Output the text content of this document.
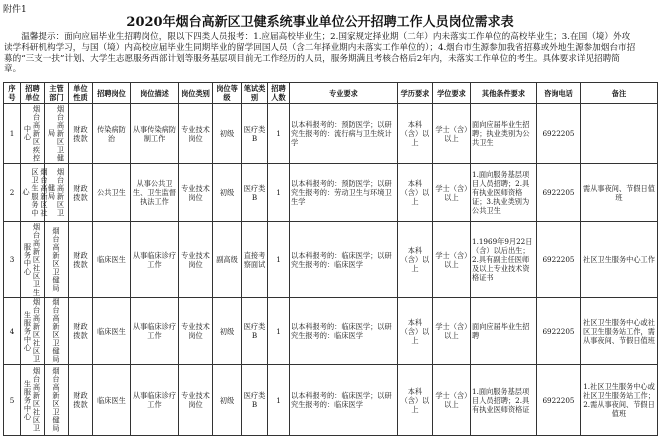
附件1
2020年烟台高新区卫健系统事业单位公开招聘工作人员岗位需求表
温馨提示：面向应届毕业生招聘岗位，限以下四类人员报考：1.应届高校毕业生；2.国家规定择业期（二年）内未落实工作单位的高校毕业生；3.在国（境）外攻读学科研机构学习，与国（境）内高校应届毕业生同期毕业的留学回国人员（含二年择业期内未落实工作单位的）；4.烟台市生源参加我省招募或外地生源参加烟台市招募的“三支一扶”计划、大学生志愿服务西部计划等服务基层项目前无工作经历的人员，服务期满且考核合格后2年内，未落实工作单位的考生。具体要求详见招聘简章。
序号	招聘单位	主管部门	单位性质	招聘岗位	岗位描述	岗位类别	岗位等级	笔试类别	招聘人数	专业要求	学历要求	学位要求	其他条件要求	咨询电话	备注
1	烟台高新区疾控中心	烟台高新区卫健局	财政拨款	传染病防治	从事传染病防制工作	专业技术岗位	初级	医疗类B	1	以本科报考的：预防医学；以研究生报考的：流行病与卫生统计学	本科（含）以上	学士（含）以上	面向应届毕业生招聘；执业类别为公共卫生	6922205	
2	烟台高新区社区卫生服务中心	烟台高新区卫健局	财政拨款	公共卫生	从事公共卫生、卫生监督执法工作	专业技术岗位	初级	医疗类B	1	以本科报考的：预防医学；以研究生报考的：劳动卫生与环境卫生学	本科（含）以上	学士（含）以上	1.面向服务基层项目人员招聘；2.具有执业医师资格证；3.执业类别为公共卫生	6922205	需从事夜间、节假日值班
3	烟台高新区社区卫生服务中心	烟台高新区卫健局	财政拨款	临床医生	从事临床诊疗工作	专业技术岗位	副高级	直接考察面试	1	以本科报考的：临床医学；以研究生报考的：临床医学	本科（含）以上	学士（含）以上	1.1969年9月22日（含）以后出生；2.具有副主任医师及以上专业技术资格证书	6922205	社区卫生服务中心工作
4	烟台高新区社区卫生服务中心	烟台高新区卫健局	财政拨款	临床医生	从事临床诊疗工作	专业技术岗位	初级	医疗类B	1	以本科报考的：临床医学；以研究生报考的：临床医学	本科（含）以上	学士（含）以上	面向应届毕业生招聘	6922205	社区卫生服务中心或社区卫生服务站工作，需从事夜间、节假日值班
5	烟台高新区社区卫生服务中心	烟台高新区卫健局	财政拨款	临床医生	从事临床诊疗工作	专业技术岗位	初级	医疗类B	1	以本科报考的：临床医学；以研究生报考的：临床医学	本科（含）以上	学士（含）以上	1.面向服务基层项目人员招聘；2.具有执业医师资格证	6922205	1.社区卫生服务中心或社区卫生服务站工作；2.需从事夜间、节假日值班
